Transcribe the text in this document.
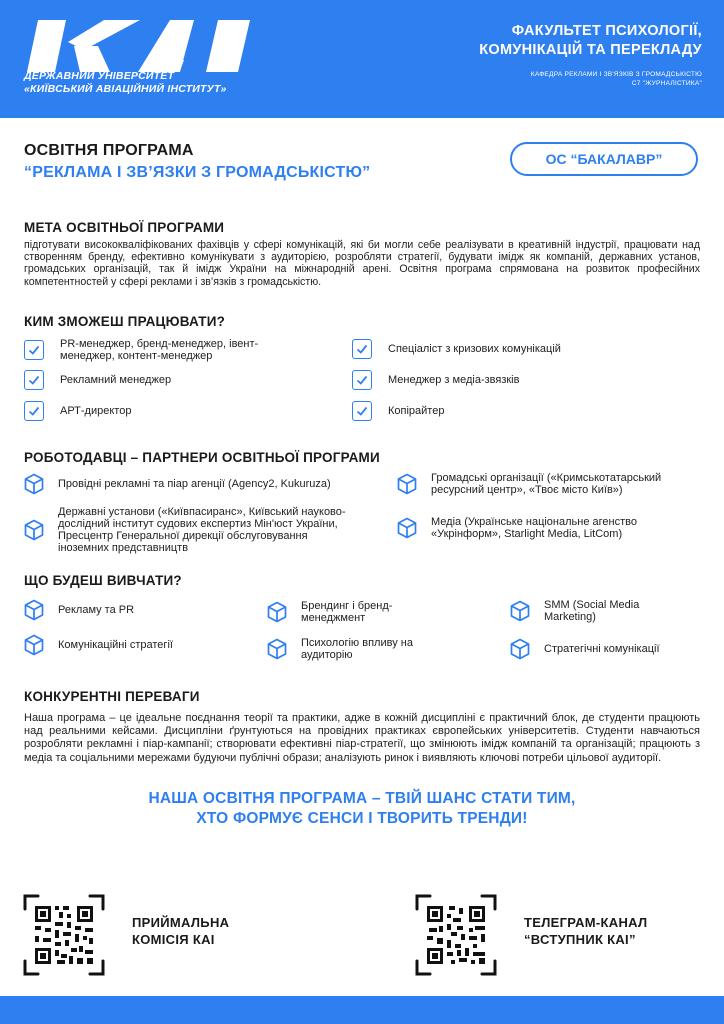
ДЕРЖАВНИЙ УНІВЕРСИТЕТ
«КИЇВСЬКИЙ АВІАЦІЙНИЙ ІНСТИТУТ»
ФАКУЛЬТЕТ ПСИХОЛОГІЇ,
КОМУНІКАЦІЙ ТА ПЕРЕКЛАДУ
КАФЕДРА РЕКЛАМИ І ЗВ'ЯЗКІВ З ГРОМАДСЬКІСТЮ
С7 "ЖУРНАЛІСТИКА"
ОСВІТНЯ ПРОГРАМА
“РЕКЛАМА І ЗВ’ЯЗКИ З ГРОМАДСЬКІСТЮ”
ОС “БАКАЛАВР”
МЕТА ОСВІТНЬОЇ ПРОГРАМИ
підготувати висококваліфікованих фахівців у сфері комунікацій, які би могли себе реалізувати в креативній індустрії, працювати над створенням бренду, ефективно комунікувати з аудиторією, розробляти стратегії, будувати імідж як компаній, державних установ, громадських організацій, так й імідж України на міжнародній арені. Освітня програма спрямована на розвиток професійних компетентностей у сфері реклами і зв’язків з громадськістю.
КИМ ЗМОЖЕШ ПРАЦЮВАТИ?
PR-менеджер, бренд-менеджер, івент-менеджер, контент-менеджер
Рекламний менеджер
АРТ-директор
Спеціаліст з кризових комунікацій
Менеджер з медіа-звязків
Копірайтер
РОБОТОДАВЦІ – ПАРТНЕРИ ОСВІТНЬОЇ ПРОГРАМИ
Провідні рекламні та піар агенції (Agency2, Kukuruza)
Державні установи («Київпасиранс», Київський науково-дослідний інститут судових експертиз Мін'юст України, Пресцентр Генеральної дирекції обслуговування іноземних представництв
Громадські організації («Кримськотатарський ресурсний центр», «Твоє місто Київ»)
Медіа (Українське національне агенство «Укрінформ», Starlight Media, LitCom)
ЩО БУДЕШ ВИВЧАТИ?
Рекламу та PR
Комунікаційні стратегії
Брендинг і бренд-менеджмент
Психологію впливу на аудиторію
SMM (Social Media Marketing)
Стратегічні комунікації
КОНКУРЕНТНІ ПЕРЕВАГИ
Наша програма – це ідеальне поєднання теорії та практики, адже в кожній дисципліні є практичний блок, де студенти працюють над реальними кейсами. Дисципліни ґрунтуються на провідних практиках європейських університетів. Студенти навчаються розробляти рекламні і піар-кампанії; створювати ефективні піар-стратегії, що змінюють імідж компаній та організацій; працюють з медіа та соціальними мережами будуючи публічні образи; аналізують ринок і виявляють ключові потреби цільової аудиторії.
НАША ОСВІТНЯ ПРОГРАМА – ТВІЙ ШАНС СТАТИ ТИМ,
ХТО ФОРМУЄ СЕНСИ І ТВОРИТЬ ТРЕНДИ!
ПРИЙМАЛЬНА
КОМІСІЯ КАІ
ТЕЛЕГРАМ-КАНАЛ
“ВСТУПНИК КАІ”
